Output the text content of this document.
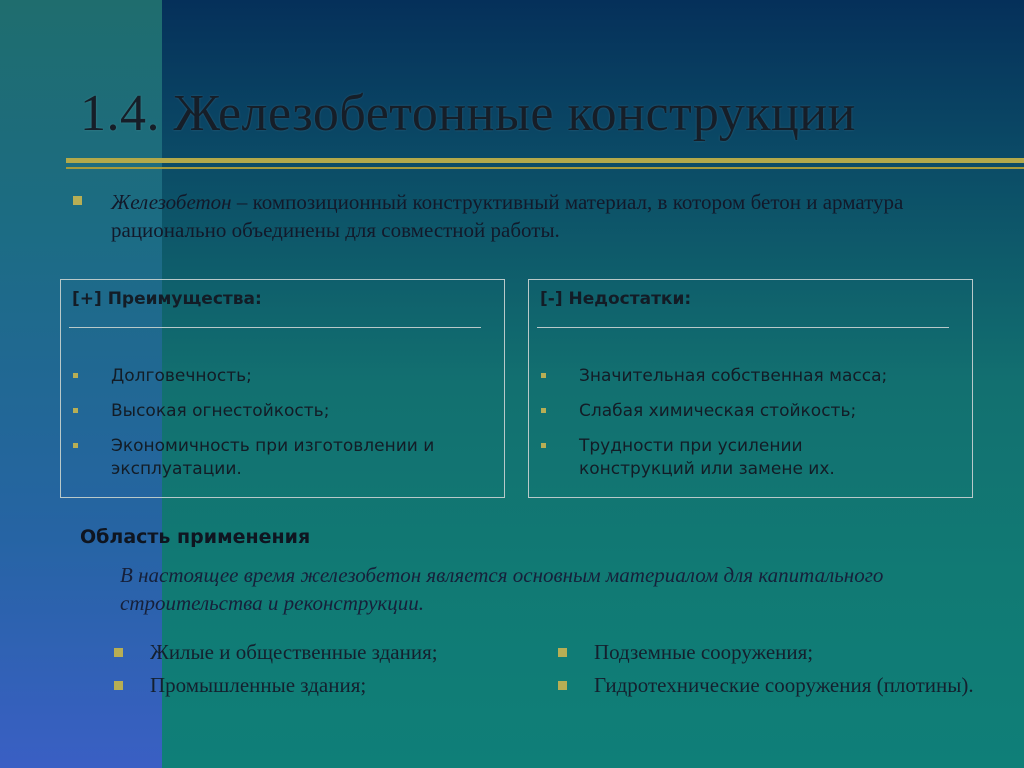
1.4. Железобетонные конструкции

Железобетон – композиционный конструктивный материал, в котором бетон и арматура рационально объединены для совместной работы.

[+] Преимущества:
Долговечность;
Высокая огнестойкость;
Экономичность при изготовлении и эксплуатации.
[-] Недостатки:
Значительная собственная масса;
Слабая химическая стойкость;
Трудности при усилении конструкций или замене их.
Область применения

В настоящее время железобетон является основным материалом для капитального строительства и реконструкции.

Жилые и общественные здания;
Промышленные здания;
Подземные сооружения;
Гидротехнические сооружения (плотины).
